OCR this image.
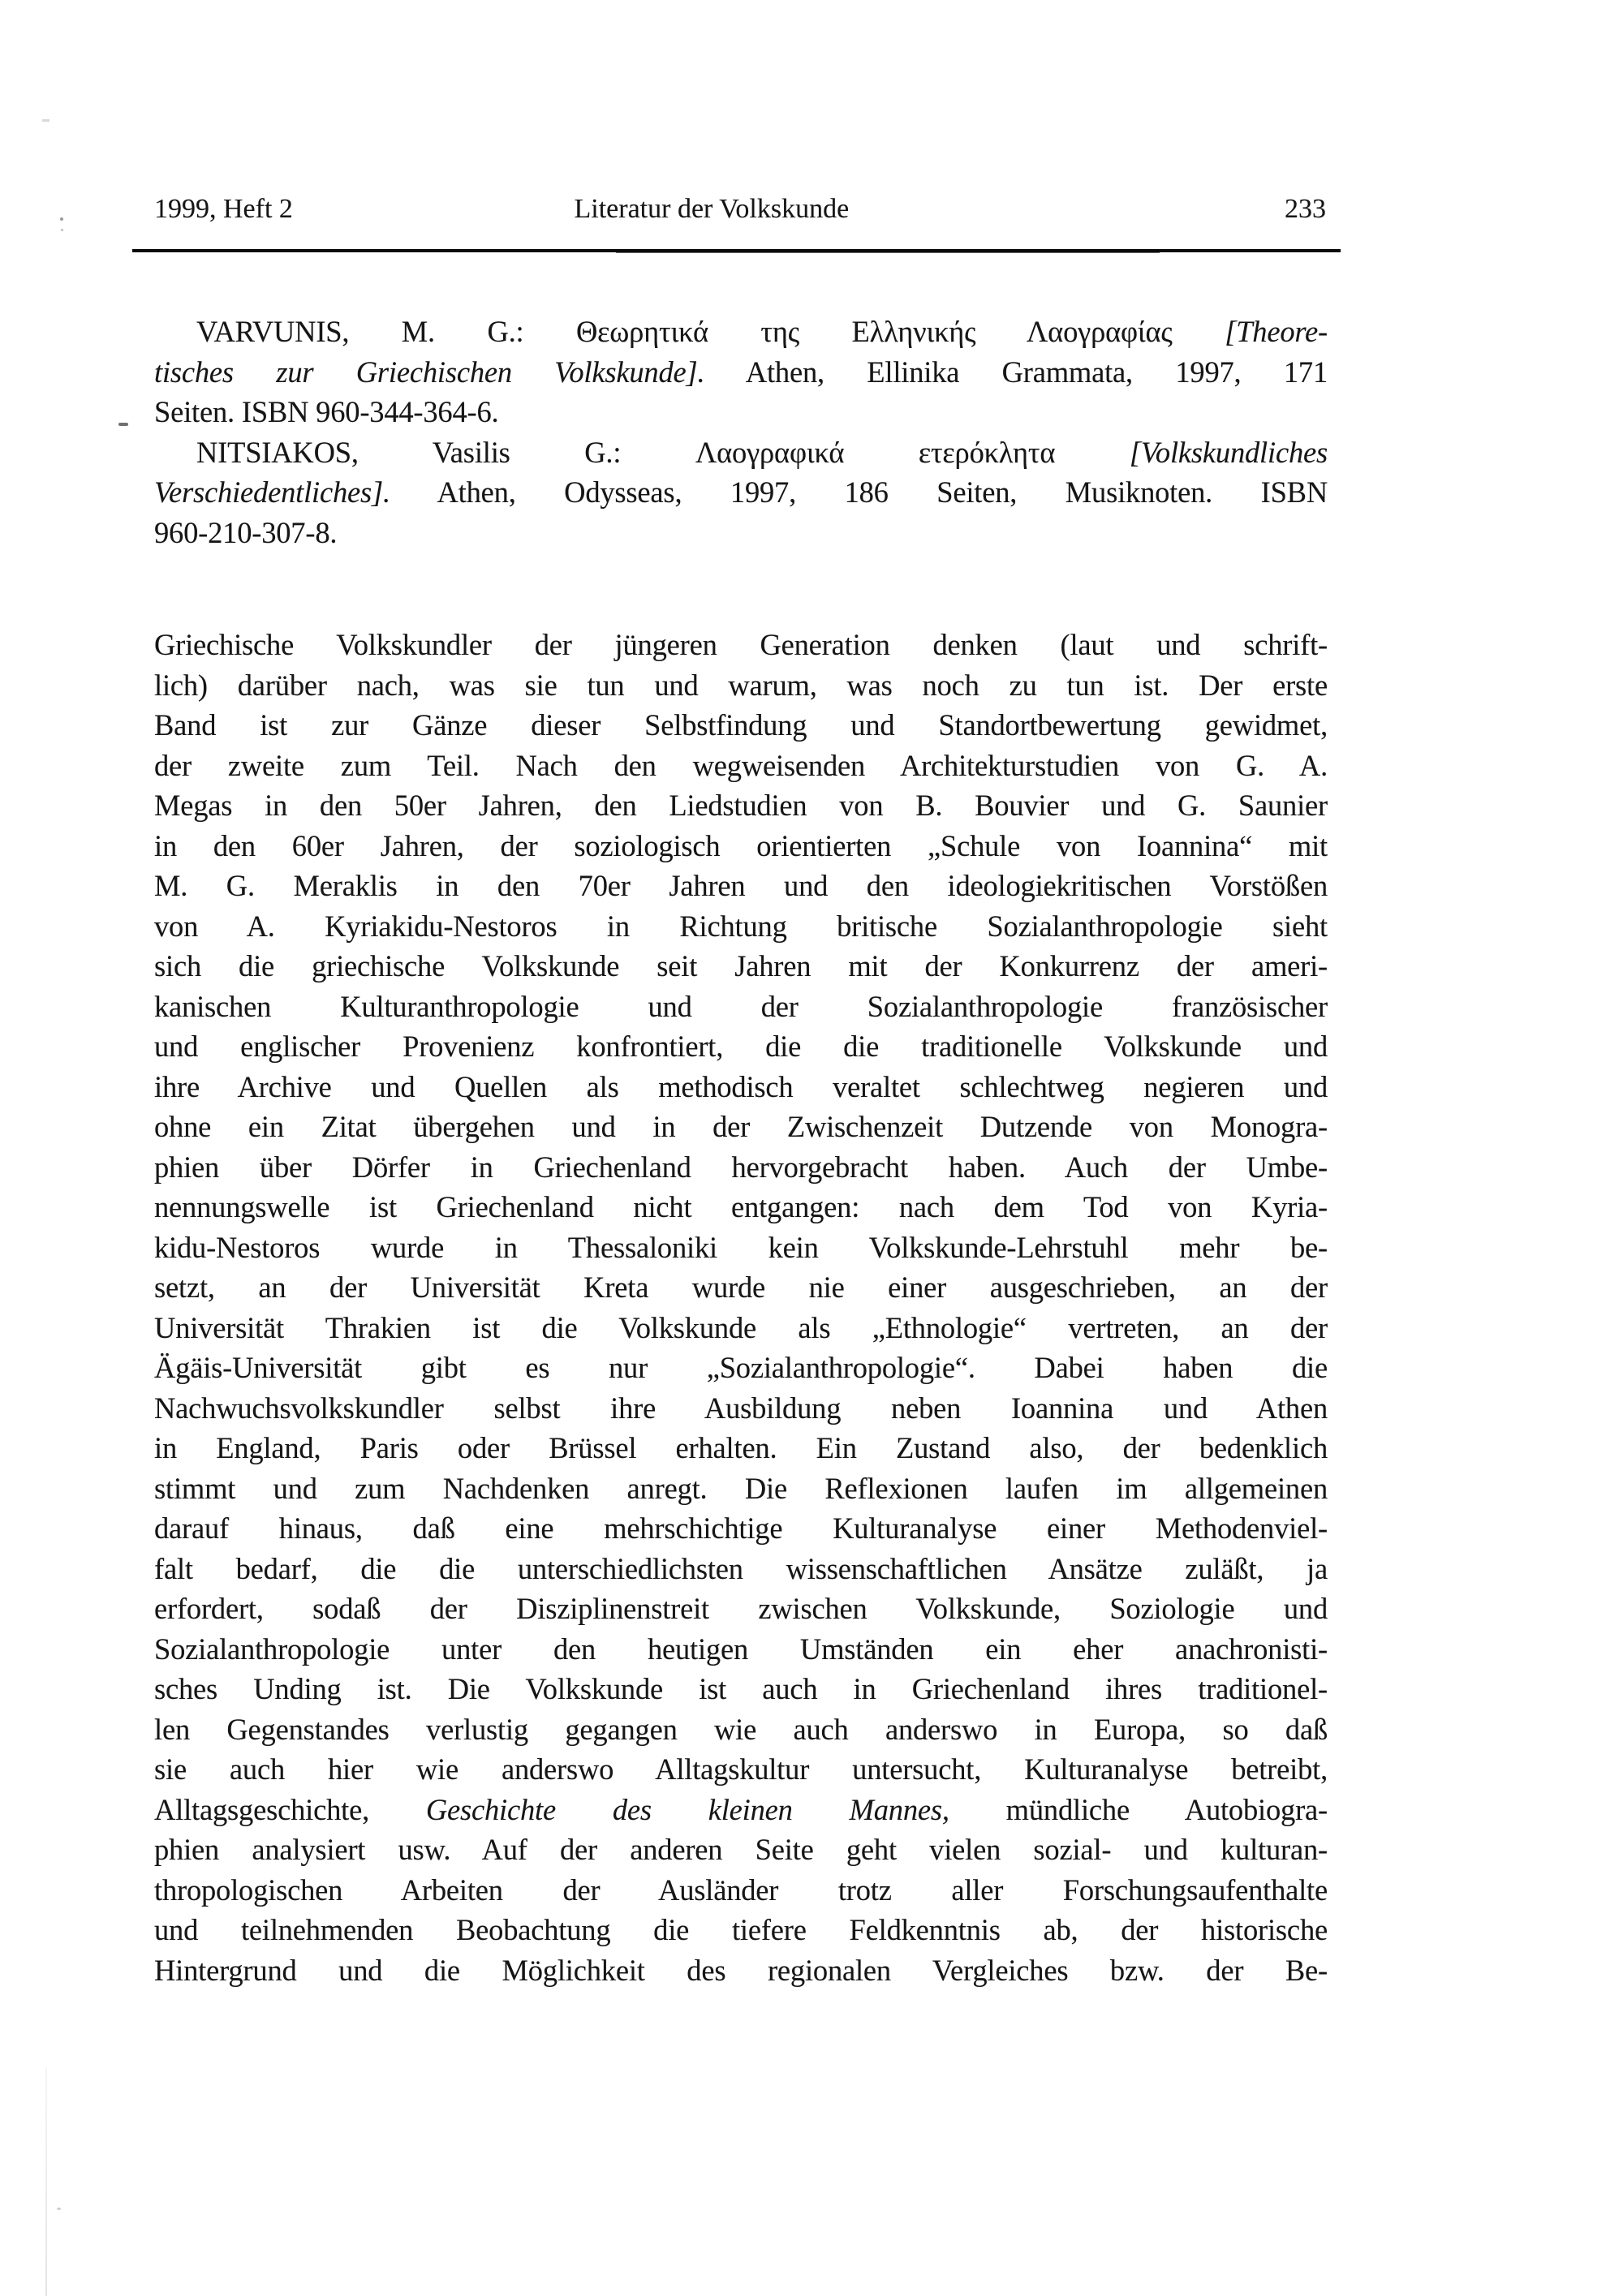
1999, Heft 2	Literatur der Volkskunde	233
VARVUNIS, M. G.: Θεωρητικά της Ελληνικής Λαογραφίας [Theore-
tisches zur Griechischen Volkskunde]. Athen, Ellinika Grammata, 1997, 171
Seiten. ISBN 960-344-364-6.
NITSIAKOS, Vasilis G.: Λαογραφικά ετερόκλητα [Volkskundliches
Verschiedentliches]. Athen, Odysseas, 1997, 186 Seiten, Musiknoten. ISBN
960-210-307-8.
Griechische Volkskundler der jüngeren Generation denken (laut und schrift-
lich) darüber nach, was sie tun und warum, was noch zu tun ist. Der erste
Band ist zur Gänze dieser Selbstfindung und Standortbewertung gewidmet,
der zweite zum Teil. Nach den wegweisenden Architekturstudien von G. A.
Megas in den 50er Jahren, den Liedstudien von B. Bouvier und G. Saunier
in den 60er Jahren, der soziologisch orientierten „Schule von Ioannina“ mit
M. G. Meraklis in den 70er Jahren und den ideologiekritischen Vorstößen
von A. Kyriakidu-Nestoros in Richtung britische Sozialanthropologie sieht
sich die griechische Volkskunde seit Jahren mit der Konkurrenz der ameri-
kanischen Kulturanthropologie und der Sozialanthropologie französischer
und englischer Provenienz konfrontiert, die die traditionelle Volkskunde und
ihre Archive und Quellen als methodisch veraltet schlechtweg negieren und
ohne ein Zitat übergehen und in der Zwischenzeit Dutzende von Monogra-
phien über Dörfer in Griechenland hervorgebracht haben. Auch der Umbe-
nennungswelle ist Griechenland nicht entgangen: nach dem Tod von Kyria-
kidu-Nestoros wurde in Thessaloniki kein Volkskunde-Lehrstuhl mehr be-
setzt, an der Universität Kreta wurde nie einer ausgeschrieben, an der
Universität Thrakien ist die Volkskunde als „Ethnologie“ vertreten, an der
Ägäis-Universität gibt es nur „Sozialanthropologie“. Dabei haben die
Nachwuchsvolkskundler selbst ihre Ausbildung neben Ioannina und Athen
in England, Paris oder Brüssel erhalten. Ein Zustand also, der bedenklich
stimmt und zum Nachdenken anregt. Die Reflexionen laufen im allgemeinen
darauf hinaus, daß eine mehrschichtige Kulturanalyse einer Methodenviel-
falt bedarf, die die unterschiedlichsten wissenschaftlichen Ansätze zuläßt, ja
erfordert, sodaß der Disziplinenstreit zwischen Volkskunde, Soziologie und
Sozialanthropologie unter den heutigen Umständen ein eher anachronisti-
sches Unding ist. Die Volkskunde ist auch in Griechenland ihres traditionel-
len Gegenstandes verlustig gegangen wie auch anderswo in Europa, so daß
sie auch hier wie anderswo Alltagskultur untersucht, Kulturanalyse betreibt,
Alltagsgeschichte, Geschichte des kleinen Mannes, mündliche Autobiogra-
phien analysiert usw. Auf der anderen Seite geht vielen sozial- und kulturan-
thropologischen Arbeiten der Ausländer trotz aller Forschungsaufenthalte
und teilnehmenden Beobachtung die tiefere Feldkenntnis ab, der historische
Hintergrund und die Möglichkeit des regionalen Vergleiches bzw. der Be-
